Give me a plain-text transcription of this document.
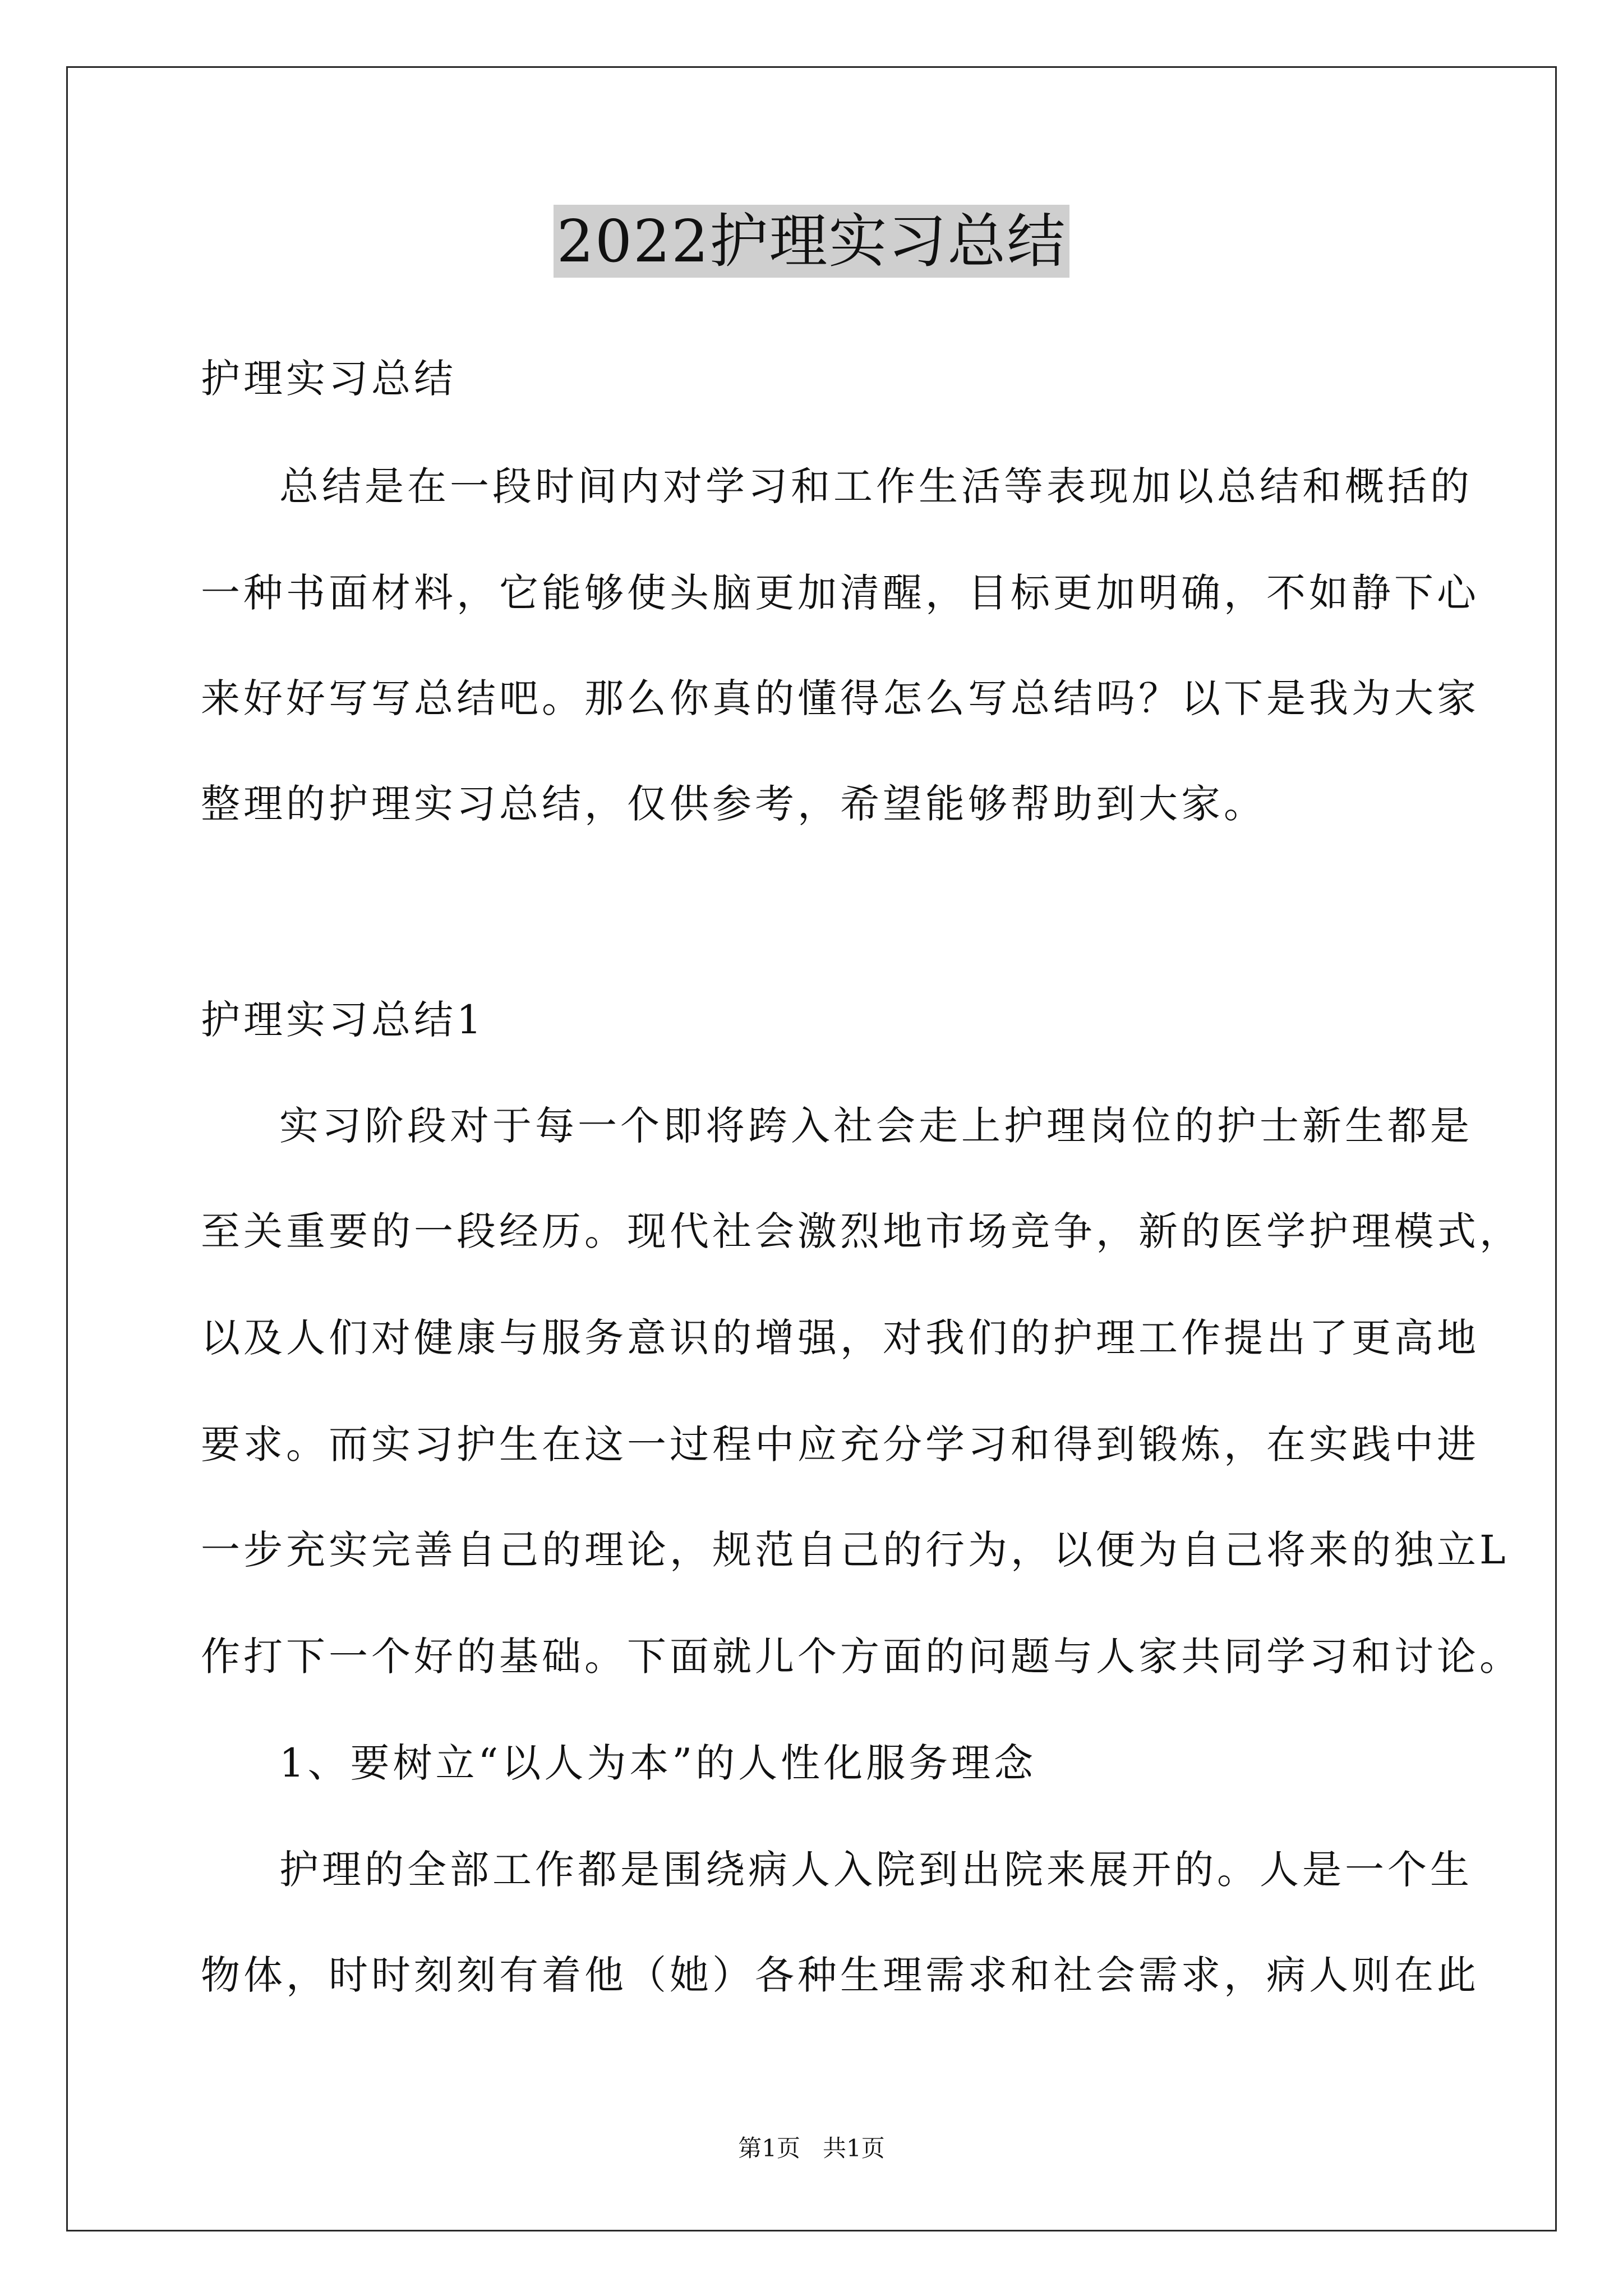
2022护理实习总结
护理实习总结
总结是在一段时间内对学习和工作生活等表现加以总结和概括的
一种书面材料，它能够使头脑更加清醒，目标更加明确，不如静下心
来好好写写总结吧。那么你真的懂得怎么写总结吗？以下是我为大家
整理的护理实习总结，仅供参考，希望能够帮助到大家。
护理实习总结1
实习阶段对于每一个即将跨入社会走上护理岗位的护士新生都是
至关重要的一段经历。现代社会激烈地市场竞争，新的医学护理模式，
以及人们对健康与服务意识的增强，对我们的护理工作提出了更高地
要求。而实习护生在这一过程中应充分学习和得到锻炼，在实践中进
一步充实完善自己的理论，规范自己的行为，以便为自己将来的独立L
作打下一个好的基础。下面就儿个方面的问题与人家共同学习和讨论。
1、要树立“以人为本”的人性化服务理念
护理的全部工作都是围绕病人入院到出院来展开的。人是一个生
物体，时时刻刻有着他（她）各种生理需求和社会需求，病人则在此
第1页   共1页
